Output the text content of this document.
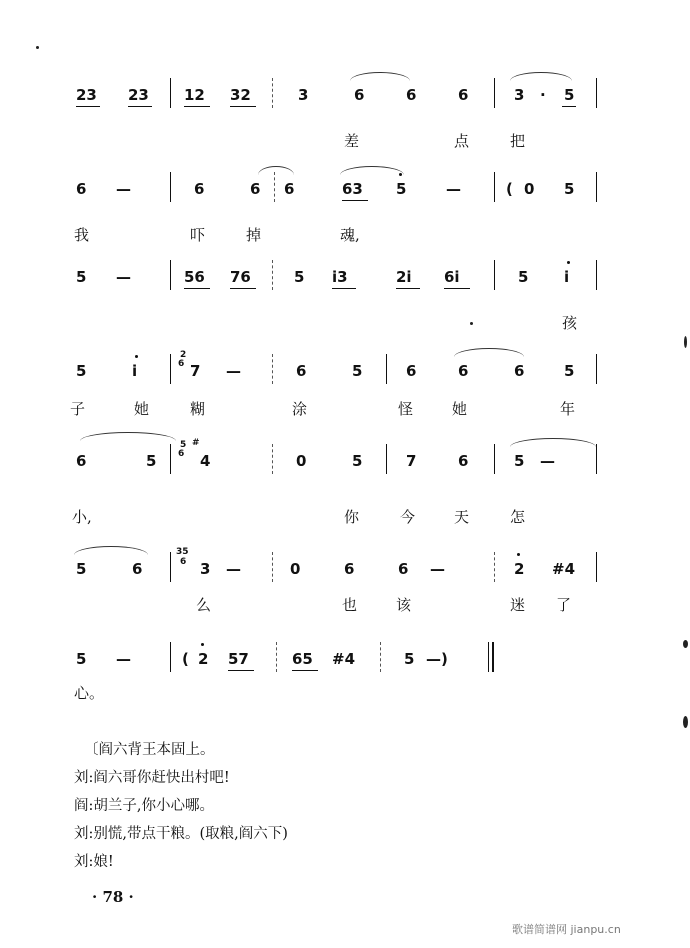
23 23 12 32	3	6	6	6	3 · 5
差	点	把
6 —	6	6 6	63 5	—	( 0 5
我	吓	掉	魂,
5 —	56 76	5 i3	2i 6i	5 i
孩
5	i
2
6 7 —	6	5	6	6	6	5
子	她	糊	涂	怪	她	年
6	5
5 #
6 4	0	5	7	6	5 —
小,	你	今	天	怎
5	6
35
6 3 —	0	6	6 —	2 #4
么	也	该	迷 了
5 —	( 2 57	65 #4	5 —)
心。
〔阎六背王本固上。
刘:阎六哥你赶快出村吧!
阎:胡兰子,你小心哪。
刘:别慌,带点干粮。(取粮,阎六下)
刘:娘!
· 78 ·
歌谱简谱网 jianpu.cn
